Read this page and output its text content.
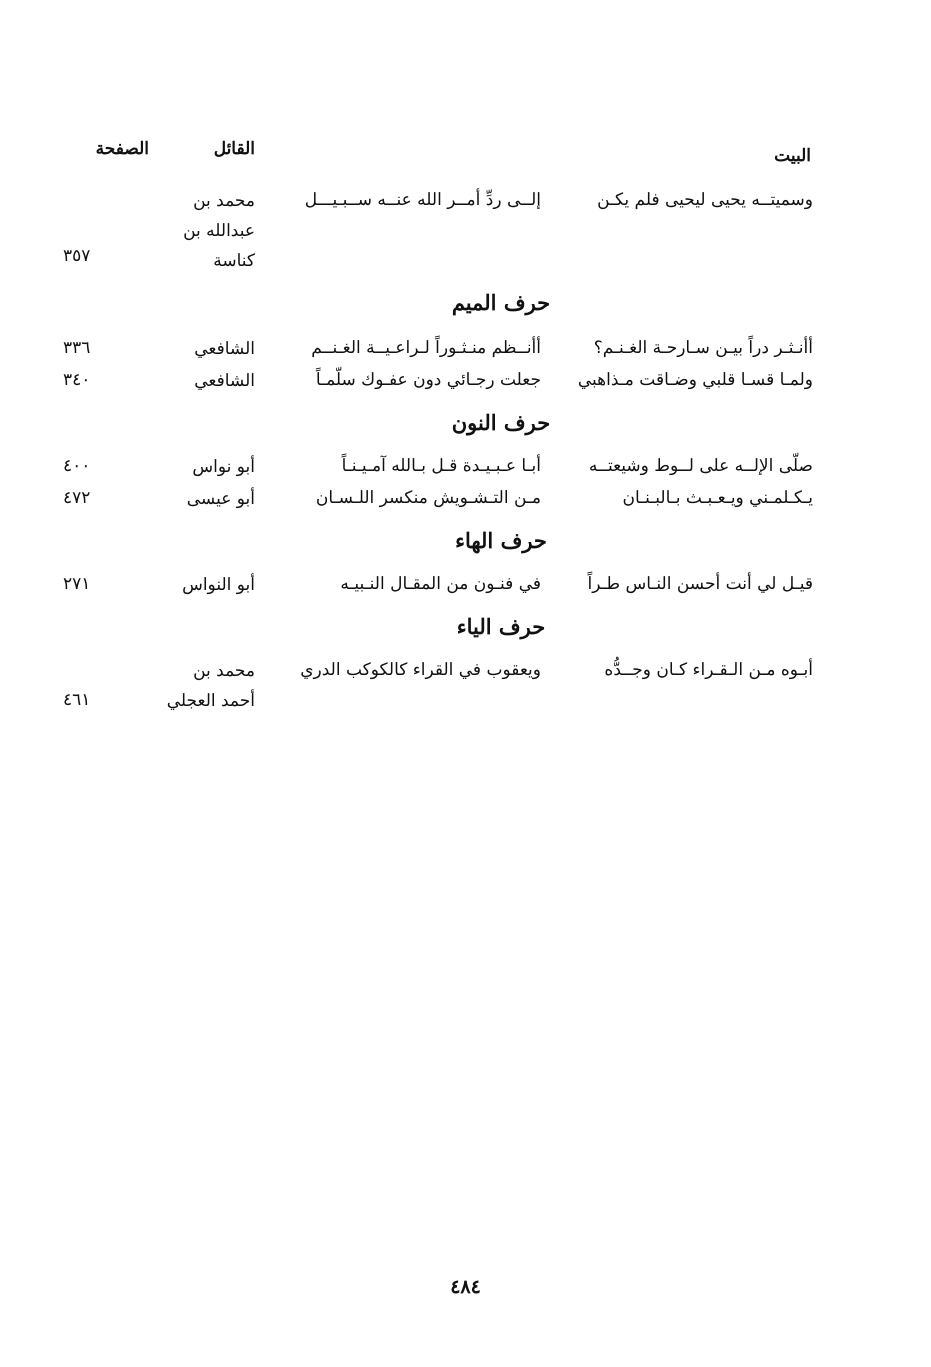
البيت
القائل
الصفحة
وسميتــه يحيى ليحيى فلم يكـن
إلــى ردِّ أمــر الله عنــه ســبـيـــل
محمد بن
عبدالله بن
كناسة
٣٥٧
حرف الميم
أأنـثـر دراً بيـن سـارحـة الغـنـم؟
أأنــظم منـثـوراً لـراعـيــة الغـنــم
الشافعي
٣٣٦
ولمـا قسـا قلبي وضـاقت مـذاهبي
جعلت رجـائي دون عفـوك سلّمـاً
الشافعي
٣٤٠
حرف النون
صلّى الإلــه على لــوط وشيعتــه
أبـا عـبـيـدة قـل بـالله آمـيـنـاً
أبو نواس
٤٠٠
يـكـلمـني ويـعـبـث بـالبـنـان
مـن التـشـويش منكسر اللـسـان
أبو عيسى
٤٧٢
حرف الهاء
قيـل لي أنت أحسن النـاس طـراً
في فنـون من المقـال النـبيـه
أبو النواس
٢٧١
حرف الياء
أبـوه مـن الـقـراء كـان وجــدُّه
ويعقوب في القراء كالكوكب الدري
محمد بن
أحمد العجلي
٤٦١
٤٨٤
